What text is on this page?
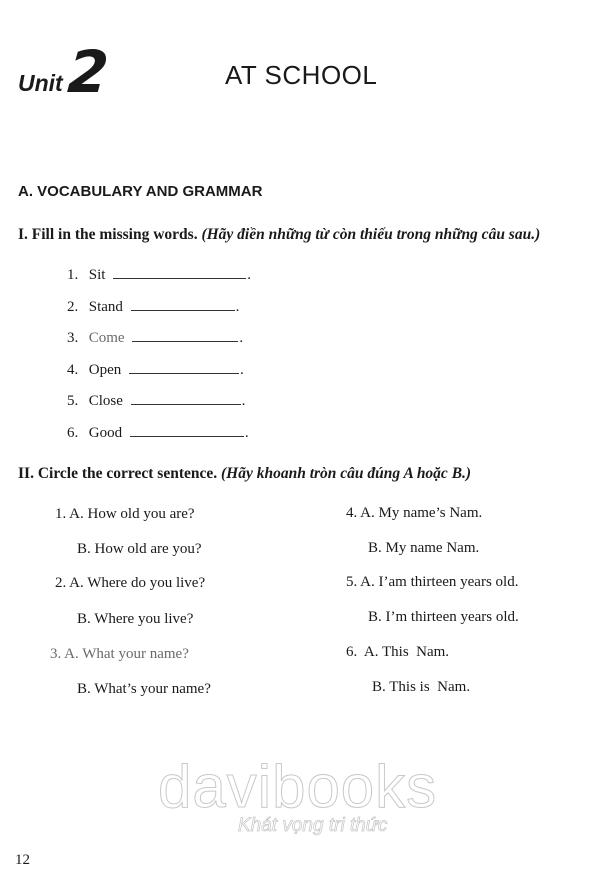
Unit 2	AT SCHOOL
A. VOCABULARY AND GRAMMAR
I. Fill in the missing words. (Hãy điền những từ còn thiếu trong những câu sau.)
1. Sit	.
2. Stand	.
3. Come	.
4. Open	.
5. Close	.
6. Good	.
II. Circle the correct sentence. (Hãy khoanh tròn câu đúng A hoặc B.)
1. A. How old you are?
B. How old are you?
2. A. Where do you live?
B. Where you live?
3. A. What your name?
B. What’s your name?
4. A. My name’s Nam.
B. My name Nam.
5. A. I’am thirteen years old.
B. I’m thirteen years old.
6.  A. This  Nam.
B. This is  Nam.
davibooks
Khát vọng tri thức
12
